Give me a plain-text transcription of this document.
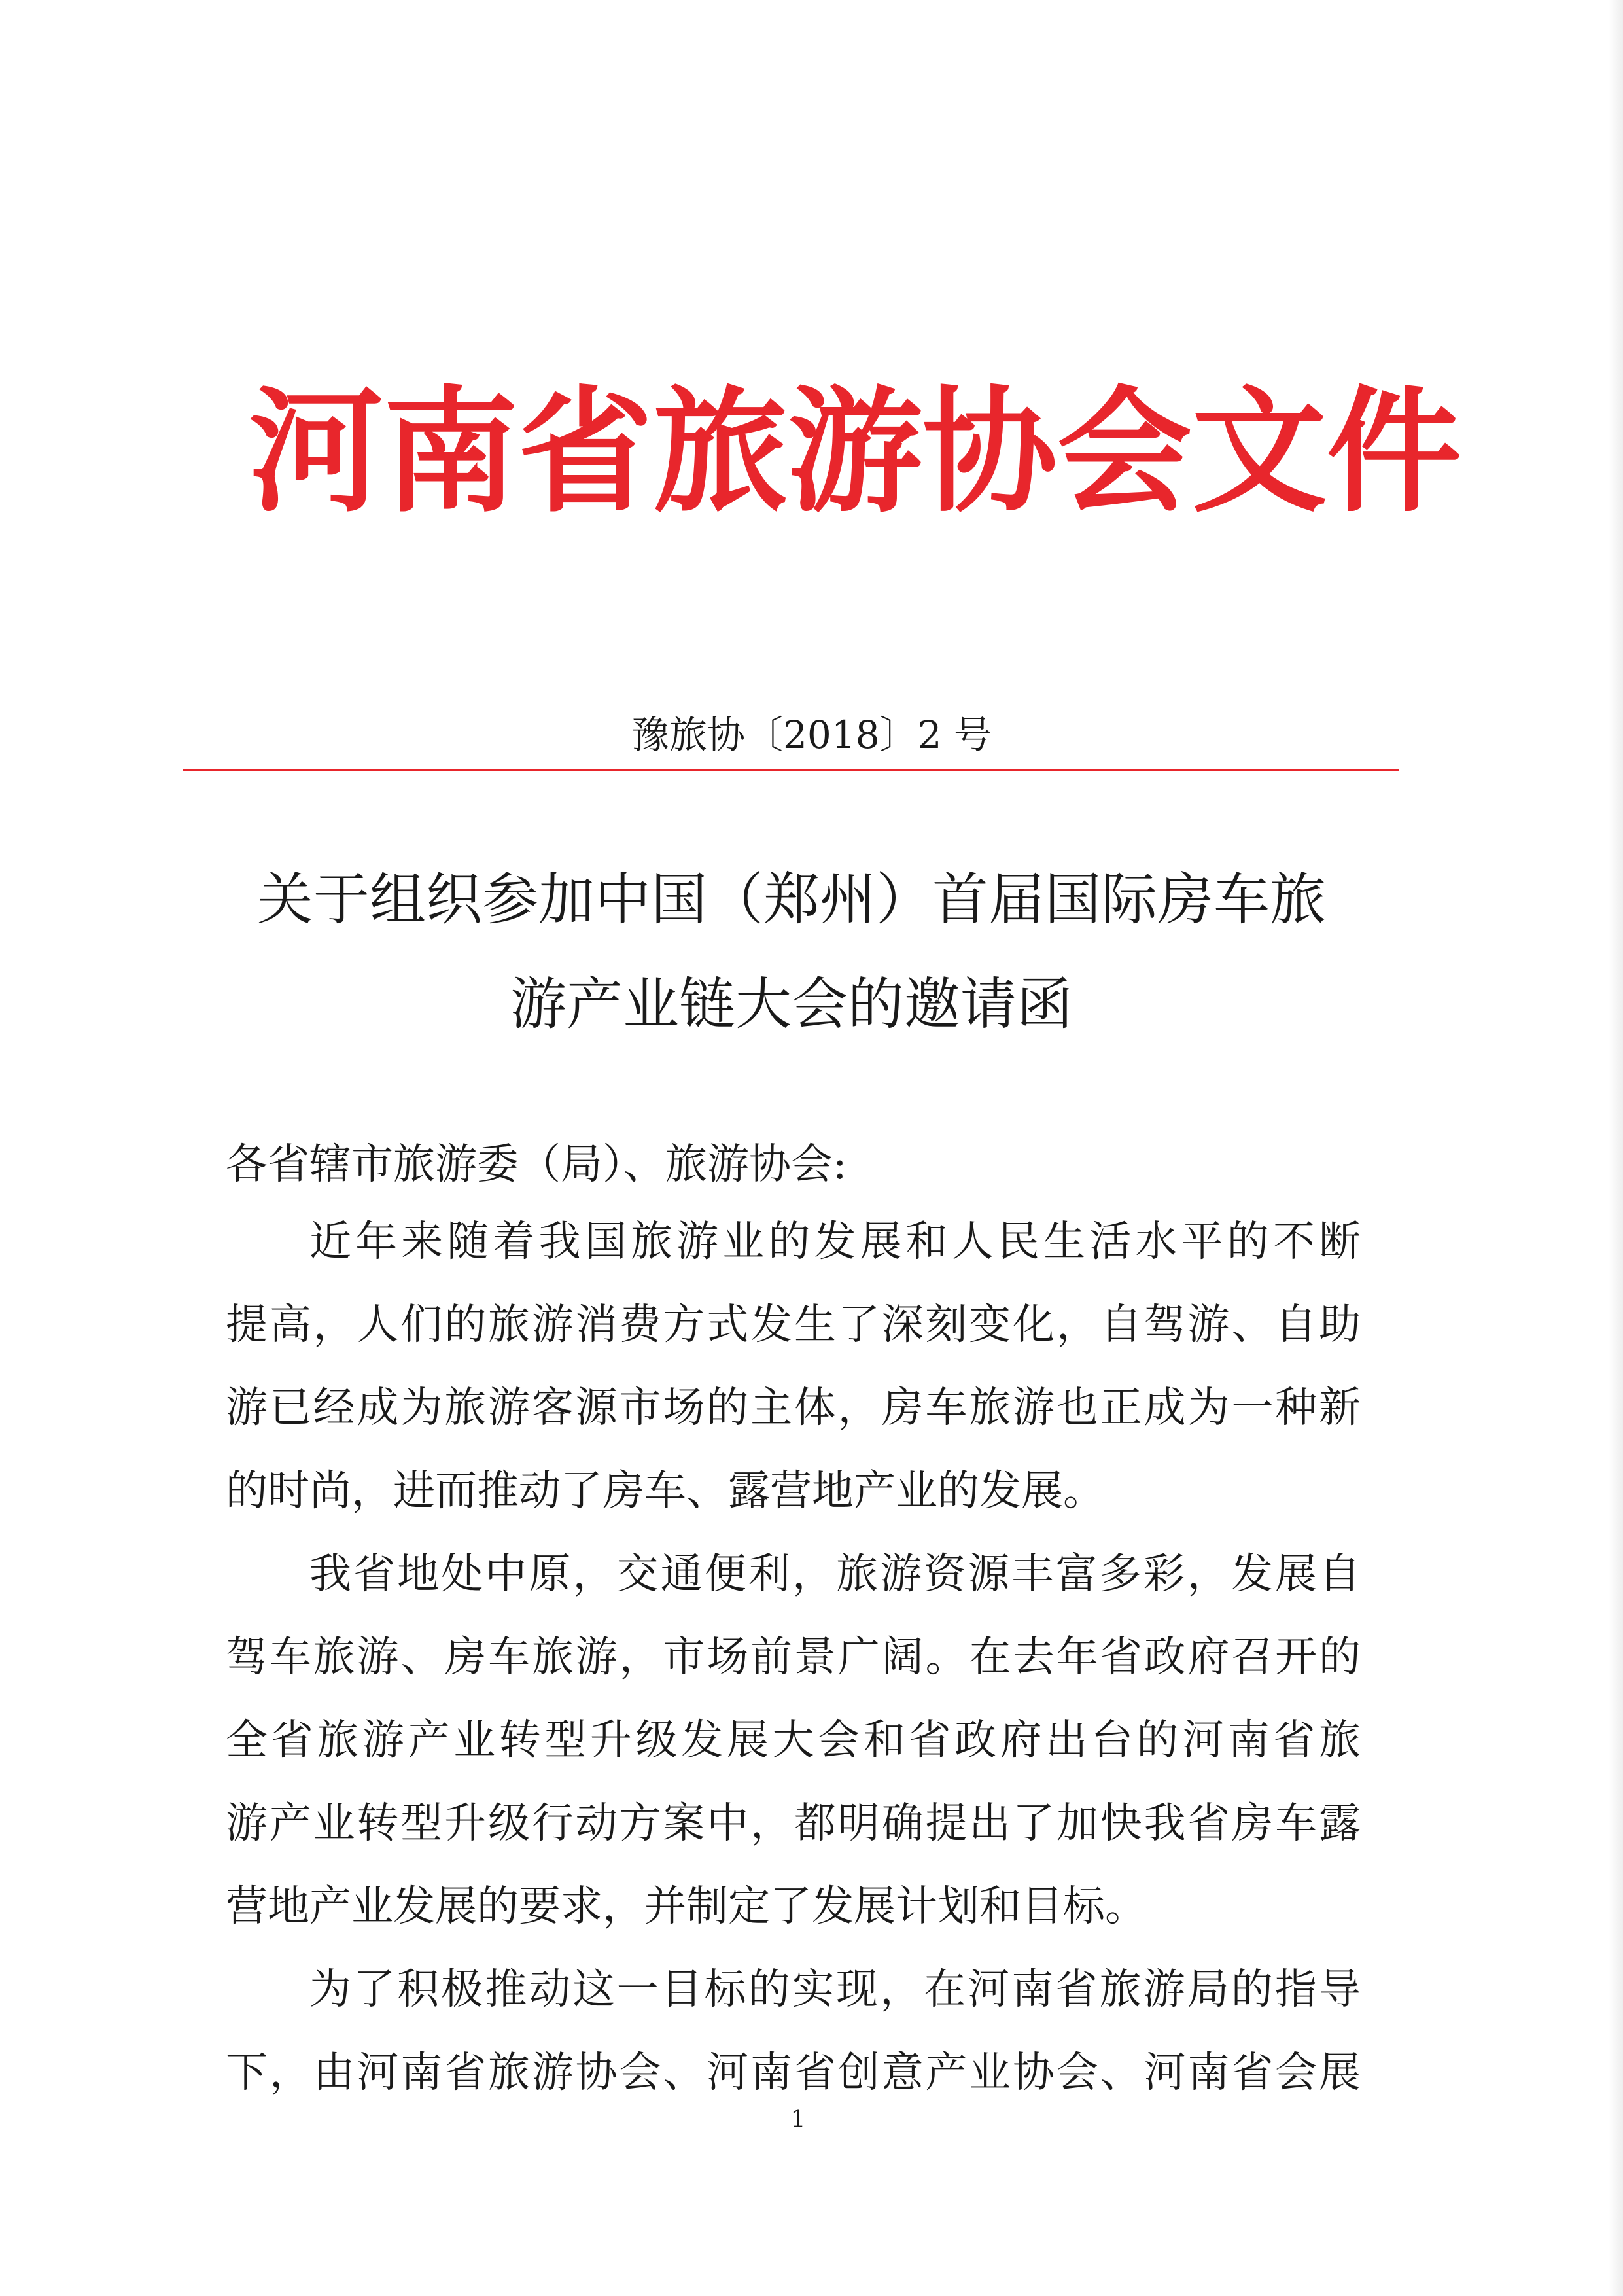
河南省旅游协会文件
豫旅协〔2018〕2 号
关于组织参加中国（郑州）首届国际房车旅
游产业链大会的邀请函
各省辖市旅游委（局）、旅游协会:
近年来随着我国旅游业的发展和人民生活水平的不断
提高，人们的旅游消费方式发生了深刻变化，自驾游、自助
游已经成为旅游客源市场的主体，房车旅游也正成为一种新
的时尚，进而推动了房车、露营地产业的发展。
我省地处中原，交通便利，旅游资源丰富多彩，发展自
驾车旅游、房车旅游，市场前景广阔。在去年省政府召开的
全省旅游产业转型升级发展大会和省政府出台的河南省旅
游产业转型升级行动方案中，都明确提出了加快我省房车露
营地产业发展的要求，并制定了发展计划和目标。
为了积极推动这一目标的实现，在河南省旅游局的指导
下，由河南省旅游协会、河南省创意产业协会、河南省会展
1
